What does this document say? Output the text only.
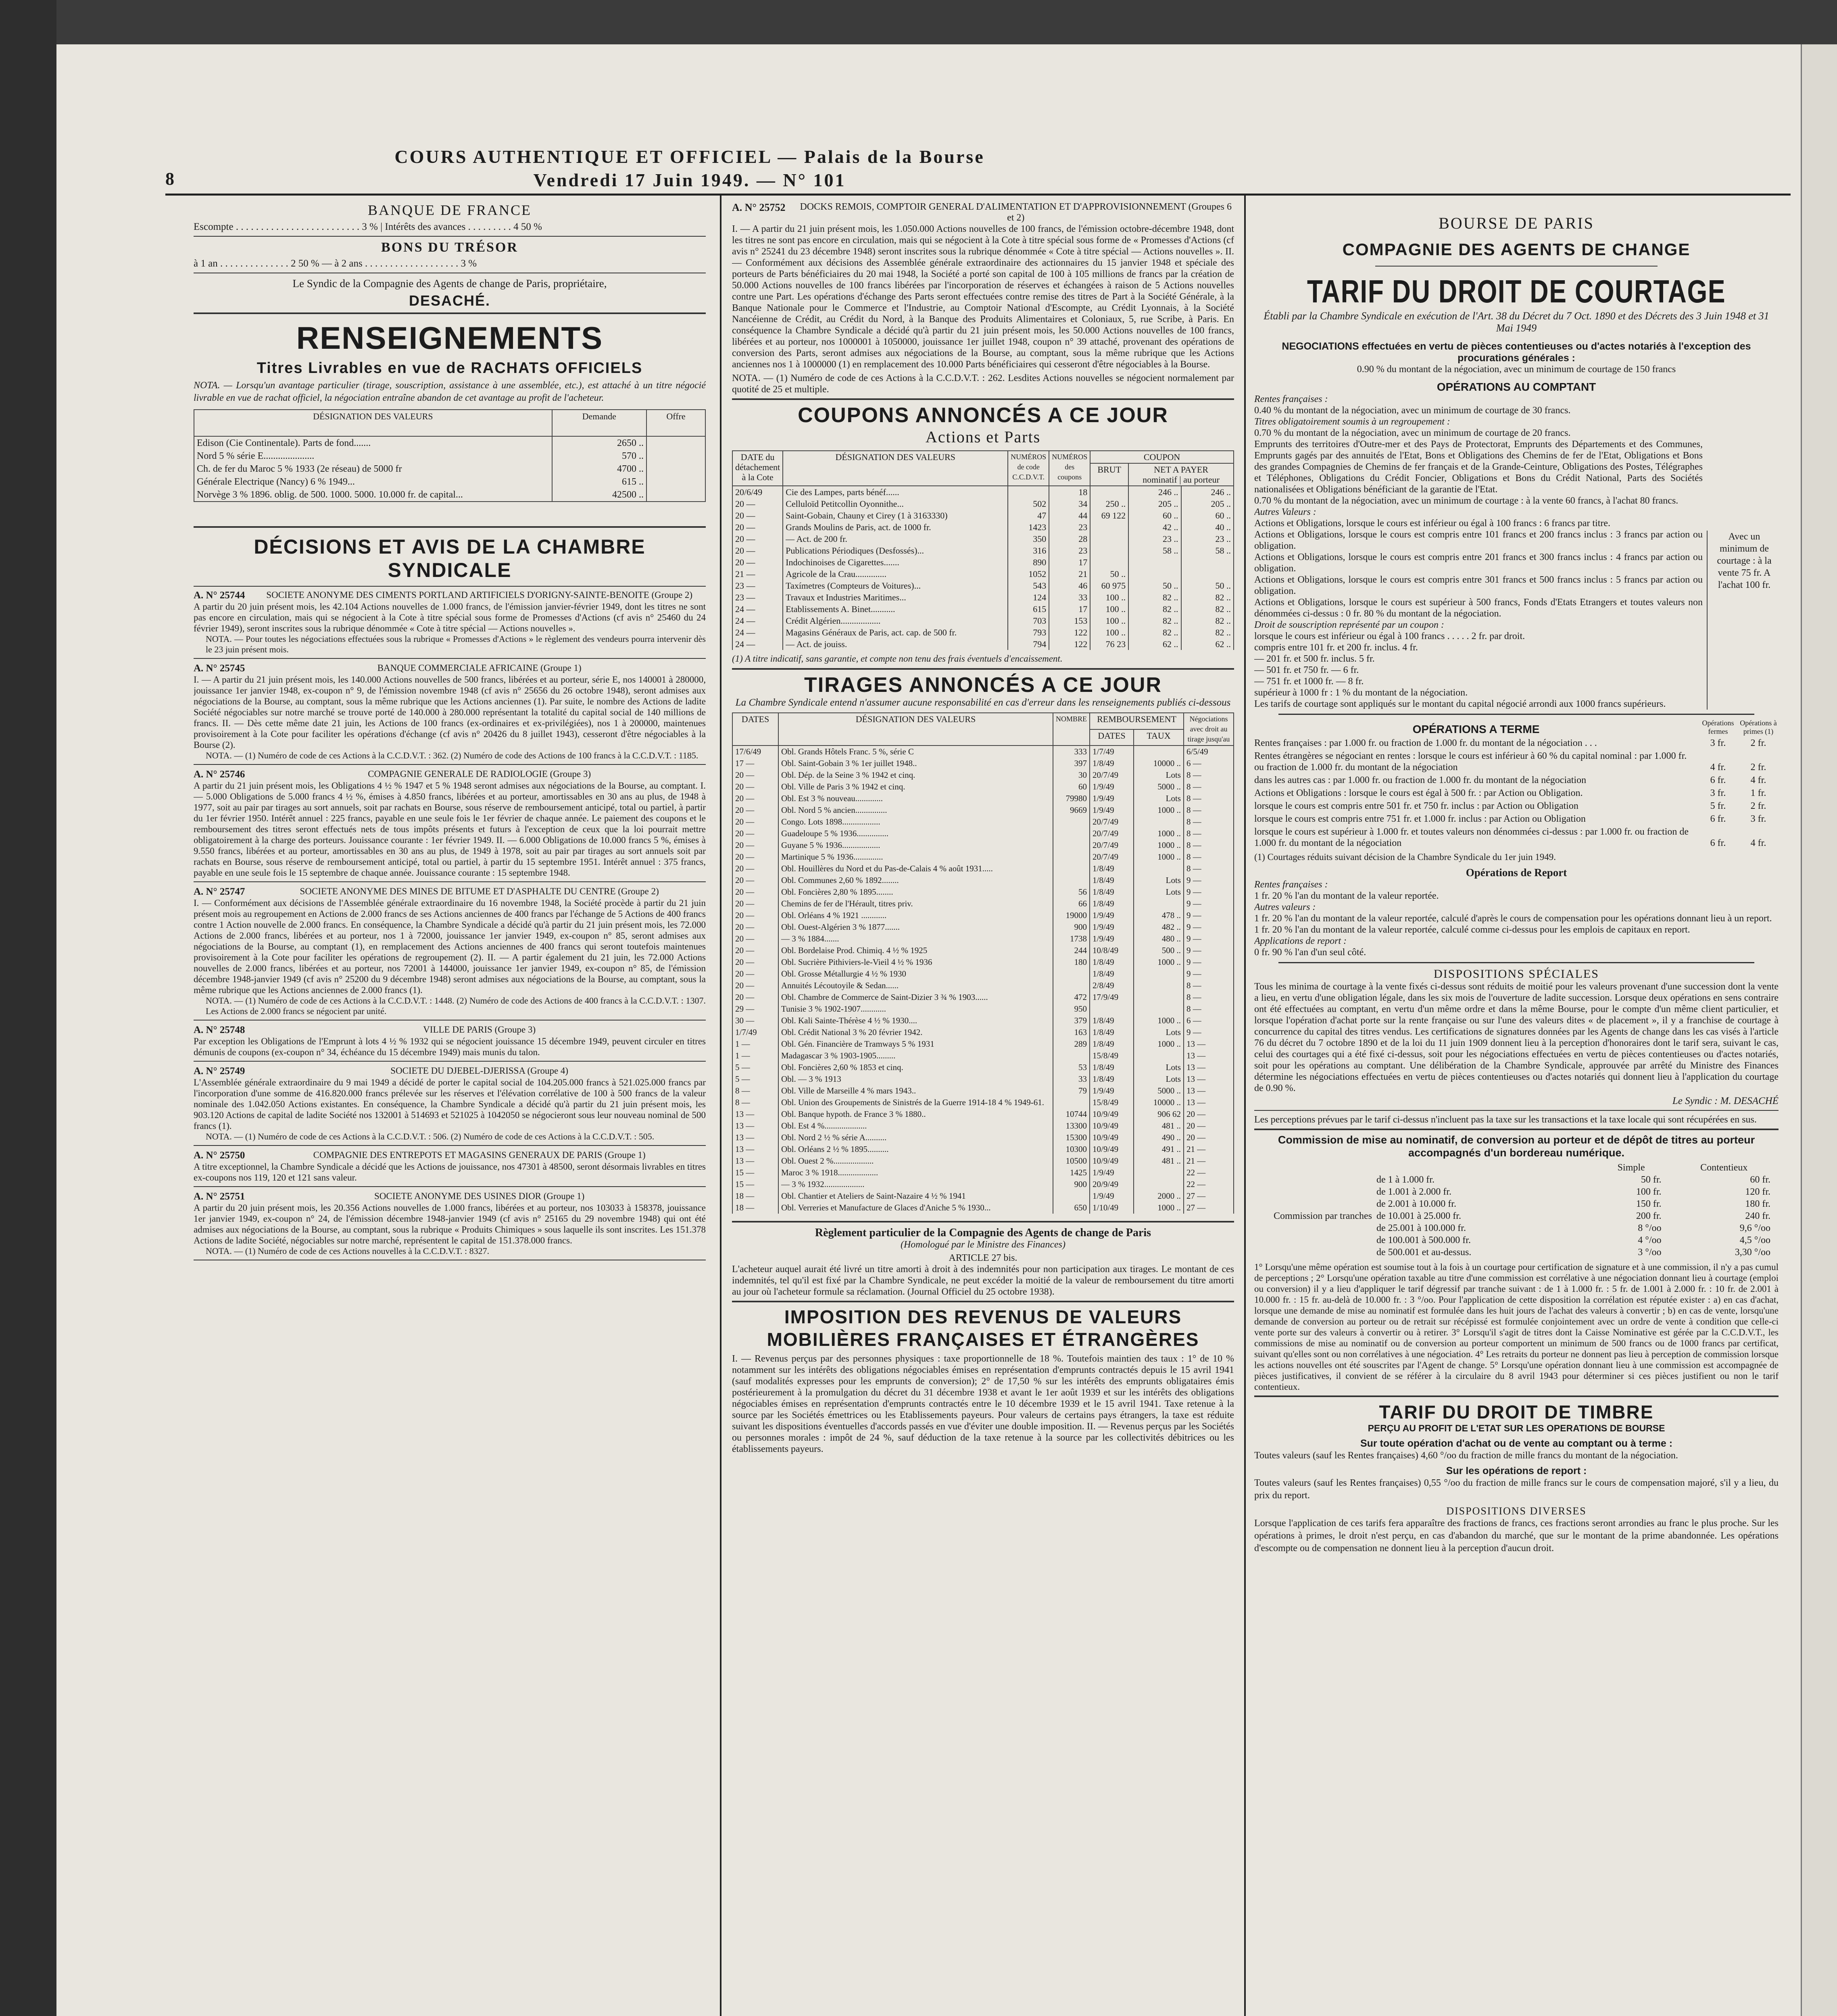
8
COURS AUTHENTIQUE ET OFFICIEL — Palais de la Bourse
Vendredi 17 Juin 1949. — N° 101
BANQUE DE FRANCE
Escompte . . . . . . . . . . . . . . . . . . . . . . . . . 3 % | Intérêts des avances . . . . . . . . . 4 50 %
BONS DU TRÉSOR
à 1 an . . . . . . . . . . . . . . 2 50 % — à 2 ans . . . . . . . . . . . . . . . . . . . 3 %
Le Syndic de la Compagnie des Agents de change de Paris, propriétaire,
DESACHÉ.
RENSEIGNEMENTS
Titres Livrables en vue de RACHATS OFFICIELS
NOTA. — Lorsqu'un avantage particulier (tirage, souscription, assistance à une assemblée, etc.), est attaché à un titre négocié livrable en vue de rachat officiel, la négociation entraîne abandon de cet avantage au profit de l'acheteur.
DÉSIGNATION DES VALEURS	Demande	Offre
Edison (Cie Continentale). Parts de fond.......	2650 ..	
Nord 5 % série E.....................	570 ..	
Ch. de fer du Maroc 5 % 1933 (2e réseau) de 5000 fr	4700 ..	
Générale Electrique (Nancy) 6 % 1949...	615 ..	
Norvège 3 % 1896. oblig. de 500. 1000. 5000. 10.000 fr. de capital...	42500 ..	
DÉCISIONS ET AVIS DE LA CHAMBRE SYNDICALE
A. N° 25744	SOCIETE ANONYME DES CIMENTS PORTLAND ARTIFICIELS D'ORIGNY-SAINTE-BENOITE (Groupe 2)
A partir du 20 juin présent mois, les 42.104 Actions nouvelles de 1.000 francs, de l'émission janvier-février 1949, dont les titres ne sont pas encore en circulation, mais qui se négocient à la Cote à titre spécial sous forme de Promesses d'Actions (cf avis n° 25460 du 24 février 1949), seront inscrites sous la rubrique dénommée « Cote à titre spécial — Actions nouvelles ».
NOTA. — Pour toutes les négociations effectuées sous la rubrique « Promesses d'Actions » le règlement des vendeurs pourra intervenir dès le 23 juin présent mois.
A. N° 25745	BANQUE COMMERCIALE AFRICAINE (Groupe 1)
I. — A partir du 21 juin présent mois, les 140.000 Actions nouvelles de 500 francs, libérées et au porteur, série E, nos 140001 à 280000, jouissance 1er janvier 1948, ex-coupon n° 9, de l'émission novembre 1948 (cf avis n° 25656 du 26 octobre 1948), seront admises aux négociations de la Bourse, au comptant, sous la même rubrique que les Actions anciennes (1). Par suite, le nombre des Actions de ladite Société négociables sur notre marché se trouve porté de 140.000 à 280.000 représentant la totalité du capital social de 140 millions de francs. II. — Dès cette même date 21 juin, les Actions de 100 francs (ex-ordinaires et ex-privilégiées), nos 1 à 200000, maintenues provisoirement à la Cote pour faciliter les opérations d'échange (cf avis n° 20426 du 8 juillet 1943), cesseront d'être négociables à la Bourse (2).
NOTA. — (1) Numéro de code de ces Actions à la C.C.D.V.T. : 362. (2) Numéro de code des Actions de 100 francs à la C.C.D.V.T. : 1185.
A. N° 25746	COMPAGNIE GENERALE DE RADIOLOGIE (Groupe 3)
A partir du 21 juin présent mois, les Obligations 4 ½ % 1947 et 5 % 1948 seront admises aux négociations de la Bourse, au comptant. I. — 5.000 Obligations de 5.000 francs 4 ½ %, émises à 4.850 francs, libérées et au porteur, amortissables en 30 ans au plus, de 1948 à 1977, soit au pair par tirages au sort annuels, soit par rachats en Bourse, sous réserve de remboursement anticipé, total ou partiel, à partir du 1er février 1950. Intérêt annuel : 225 francs, payable en une seule fois le 1er février de chaque année. Le paiement des coupons et le remboursement des titres seront effectués nets de tous impôts présents et futurs à l'exception de ceux que la loi pourrait mettre obligatoirement à la charge des porteurs. Jouissance courante : 1er février 1949. II. — 6.000 Obligations de 10.000 francs 5 %, émises à 9.550 francs, libérées et au porteur, amortissables en 30 ans au plus, de 1949 à 1978, soit au pair par tirages au sort annuels soit par rachats en Bourse, sous réserve de remboursement anticipé, total ou partiel, à partir du 15 septembre 1951. Intérêt annuel : 375 francs, payable en une seule fois le 15 septembre de chaque année. Jouissance courante : 15 septembre 1948.
A. N° 25747	SOCIETE ANONYME DES MINES DE BITUME ET D'ASPHALTE DU CENTRE (Groupe 2)
I. — Conformément aux décisions de l'Assemblée générale extraordinaire du 16 novembre 1948, la Société procède à partir du 21 juin présent mois au regroupement en Actions de 2.000 francs de ses Actions anciennes de 400 francs par l'échange de 5 Actions de 400 francs contre 1 Action nouvelle de 2.000 francs. En conséquence, la Chambre Syndicale a décidé qu'à partir du 21 juin présent mois, les 72.000 Actions de 2.000 francs, libérées et au porteur, nos 1 à 72000, jouissance 1er janvier 1949, ex-coupon n° 85, seront admises aux négociations de la Bourse, au comptant (1), en remplacement des Actions anciennes de 400 francs qui seront toutefois maintenues provisoirement à la Cote pour faciliter les opérations de regroupement (2). II. — A partir également du 21 juin, les 72.000 Actions nouvelles de 2.000 francs, libérées et au porteur, nos 72001 à 144000, jouissance 1er janvier 1949, ex-coupon n° 85, de l'émission décembre 1948-janvier 1949 (cf avis n° 25200 du 9 décembre 1948) seront admises aux négociations de la Bourse, au comptant, sous la même rubrique que les Actions anciennes de 2.000 francs (1).
NOTA. — (1) Numéro de code de ces Actions à la C.C.D.V.T. : 1448. (2) Numéro de code des Actions de 400 francs à la C.C.D.V.T. : 1307. Les Actions de 2.000 francs se négocient par unité.
A. N° 25748	VILLE DE PARIS (Groupe 3)
Par exception les Obligations de l'Emprunt à lots 4 ½ % 1932 qui se négocient jouissance 15 décembre 1949, peuvent circuler en titres démunis de coupons (ex-coupon n° 34, échéance du 15 décembre 1949) mais munis du talon.
A. N° 25749	SOCIETE DU DJEBEL-DJERISSA (Groupe 4)
L'Assemblée générale extraordinaire du 9 mai 1949 a décidé de porter le capital social de 104.205.000 francs à 521.025.000 francs par l'incorporation d'une somme de 416.820.000 francs prélevée sur les réserves et l'élévation corrélative de 100 à 500 francs de la valeur nominale des 1.042.050 Actions existantes. En conséquence, la Chambre Syndicale a décidé qu'à partir du 21 juin présent mois, les 903.120 Actions de capital de ladite Société nos 132001 à 514693 et 521025 à 1042050 se négocieront sous leur nouveau nominal de 500 francs (1).
NOTA. — (1) Numéro de code de ces Actions à la C.C.D.V.T. : 506. (2) Numéro de code de ces Actions à la C.C.D.V.T. : 505.
A. N° 25750	COMPAGNIE DES ENTREPOTS ET MAGASINS GENERAUX DE PARIS (Groupe 1)
A titre exceptionnel, la Chambre Syndicale a décidé que les Actions de jouissance, nos 47301 à 48500, seront désormais livrables en titres ex-coupons nos 119, 120 et 121 sans valeur.
A. N° 25751	SOCIETE ANONYME DES USINES DIOR (Groupe 1)
A partir du 20 juin présent mois, les 20.356 Actions nouvelles de 1.000 francs, libérées et au porteur, nos 103033 à 158378, jouissance 1er janvier 1949, ex-coupon n° 24, de l'émission décembre 1948-janvier 1949 (cf avis n° 25165 du 29 novembre 1948) qui ont été admises aux négociations de la Bourse, au comptant, sous la rubrique « Produits Chimiques » sous laquelle ils sont inscrites. Les 151.378 Actions de ladite Société, négociables sur notre marché, représentent le capital de 151.378.000 francs.
NOTA. — (1) Numéro de code de ces Actions nouvelles à la C.C.D.V.T. : 8327.
A. N° 25752 DOCKS REMOIS, COMPTOIR GENERAL D'ALIMENTATION ET D'APPROVISIONNEMENT (Groupes 6 et 2)
I. — A partir du 21 juin présent mois, les 1.050.000 Actions nouvelles de 100 francs, de l'émission octobre-décembre 1948, dont les titres ne sont pas encore en circulation, mais qui se négocient à la Cote à titre spécial sous forme de « Promesses d'Actions (cf avis n° 25241 du 23 décembre 1948) seront inscrites sous la rubrique dénommée « Cote à titre spécial — Actions nouvelles ». II. — Conformément aux décisions des Assemblée générale extraordinaire des actionnaires du 15 janvier 1948 et spéciale des porteurs de Parts bénéficiaires du 20 mai 1948, la Société a porté son capital de 100 à 105 millions de francs par la création de 50.000 Actions nouvelles de 100 francs libérées par l'incorporation de réserves et échangées à raison de 5 Actions nouvelles contre une Part. Les opérations d'échange des Parts seront effectuées contre remise des titres de Part à la Société Générale, à la Banque Nationale pour le Commerce et l'Industrie, au Comptoir National d'Escompte, au Crédit Lyonnais, à la Société Nancéienne de Crédit, au Crédit du Nord, à la Banque des Produits Alimentaires et Coloniaux, 5, rue Scribe, à Paris. En conséquence la Chambre Syndicale a décidé qu'à partir du 21 juin présent mois, les 50.000 Actions nouvelles de 100 francs, libérées et au porteur, nos 1000001 à 1050000, jouissance 1er juillet 1948, coupon n° 39 attaché, provenant des opérations de conversion des Parts, seront admises aux négociations de la Bourse, au comptant, sous la même rubrique que les Actions anciennes nos 1 à 1000000 (1) en remplacement des 10.000 Parts bénéficiaires qui cesseront d'être négociables à la Bourse.
NOTA. — (1) Numéro de code de ces Actions à la C.C.D.V.T. : 262. Lesdites Actions nouvelles se négocient normalement par quotité de 25 et multiple.
COUPONS ANNONCÉS A CE JOUR
Actions et Parts
DATE du détachement à la Cote	DÉSIGNATION DES VALEURS	NUMÉROS de code C.C.D.V.T.	NUMÉROS des coupons	COUPON		
				BRUT	NET A PAYER
nominatif | au porteur	
20/6/49	Cie des Lampes, parts bénéf......		18		246 ..	246 ..
20 —	Celluloïd Petitcollin Oyonnithe...	502	34	250 ..	205 ..	205 ..
20 —	Saint-Gobain, Chauny et Cirey (1 à 3163330)	47	44	69 122	60 ..	60 ..
20 —	Grands Moulins de Paris, act. de 1000 fr.	1423	23		42 ..	40 ..
20 —	— Act. de 200 fr.	350	28		23 ..	23 ..
20 —	Publications Périodiques (Desfossés)...	316	23		58 ..	58 ..
20 —	Indochinoises de Cigarettes.......	890	17			
21 —	Agricole de la Crau..............	1052	21	50 ..		
23 —	Taxímetres (Compteurs de Voitures)...	543	46	60 975	50 ..	50 ..
23 —	Travaux et Industries Maritimes...	124	33	100 ..	82 ..	82 ..
24 —	Etablissements A. Binet...........	615	17	100 ..	82 ..	82 ..
24 —	Crédit Algérien..................	703	153	100 ..	82 ..	82 ..
24 —	Magasins Généraux de Paris, act. cap. de 500 fr.	793	122	100 ..	82 ..	82 ..
24 —	— Act. de jouiss.	794	122	76 23	62 ..	62 ..
(1) A titre indicatif, sans garantie, et compte non tenu des frais éventuels d'encaissement.
TIRAGES ANNONCÉS A CE JOUR
La Chambre Syndicale entend n'assumer aucune responsabilité en cas d'erreur dans les renseignements publiés ci-dessous
DATES	DÉSIGNATION DES VALEURS	NOMBRE	REMBOURSEMENT		Négociations avec droit au tirage jusqu'au
			DATES	TAUX	
17/6/49	Obl. Grands Hôtels Franc. 5 %, série C	333	1/7/49		6/5/49
17 —	Obl. Saint-Gobain 3 % 1er juillet 1948..	397	1/8/49	10000 ..	6 —
20 —	Obl. Dép. de la Seine 3 % 1942 et cinq.	30	20/7/49	Lots	8 —
20 —	Obl. Ville de Paris 3 % 1942 et cinq.	60	1/9/49	5000 ..	8 —
20 —	Obl. Est 3 % nouveau.............	79980	1/9/49	Lots	8 —
20 —	Obl. Nord 5 % ancien...............	9669	1/9/49	1000 ..	8 —
20 —	Congo. Lots 1898..................		20/7/49		8 —
20 —	Guadeloupe 5 % 1936...............		20/7/49	1000 ..	8 —
20 —	Guyane 5 % 1936..................		20/7/49	1000 ..	8 —
20 —	Martinique 5 % 1936..............		20/7/49	1000 ..	8 —
20 —	Obl. Houillères du Nord et du Pas-de-Calais 4 % août 1931.....		1/8/49		8 —
20 —	Obl. Communes 2,60 % 1892........		1/8/49	Lots	9 —
20 —	Obl. Foncières 2,80 % 1895........	56	1/8/49	Lots	9 —
20 —	Chemins de fer de l'Hérault, titres priv.	66	1/8/49		9 —
20 —	Obl. Orléans 4 % 1921 ............	19000	1/9/49	478 ..	9 —
20 —	Obl. Ouest-Algérien 3 % 1877.......	900	1/9/49	482 ..	9 —
20 —	— 3 % 1884.......	1738	1/9/49	480 ..	9 —
20 —	Obl. Bordelaise Prod. Chimiq. 4 ½ % 1925	244	10/8/49	500 ..	9 —
20 —	Obl. Sucrière Pithiviers-le-Vieil 4 ½ % 1936	180	1/8/49	1000 ..	9 —
20 —	Obl. Grosse Métallurgie 4 ½ % 1930		1/8/49		9 —
20 —	Annuités Lécoutoyile & Sedan......		2/8/49		8 —
20 —	Obl. Chambre de Commerce de Saint-Dizier 3 ¾ % 1903......	472	17/9/49		8 —
29 —	Tunisie 3 % 1902-1907............	950			8 —
30 —	Obl. Kali Sainte-Thérèse 4 ½ % 1930....	379	1/8/49	1000 ..	6 —
1/7/49	Obl. Crédit National 3 % 20 février 1942.	163	1/8/49	Lots	9 —
1 —	Obl. Gén. Financière de Tramways 5 % 1931	289	1/8/49	1000 ..	13 —
1 —	Madagascar 3 % 1903-1905.........		15/8/49		13 —
5 —	Obl. Foncières 2,60 % 1853 et cinq.	53	1/8/49	Lots	13 —
5 —	Obl. — 3 % 1913	33	1/8/49	Lots	13 —
8 —	Obl. Ville de Marseille 4 % mars 1943..	79	1/9/49	5000 ..	13 —
8 —	Obl. Union des Groupements de Sinistrés de la Guerre 1914-18 4 % 1949-61.		15/8/49	10000 ..	13 —
13 —	Obl. Banque hypoth. de France 3 % 1880..	10744	10/9/49	906 62	20 —
13 —	Obl. Est 4 %....................	13300	10/9/49	481 ..	20 —
13 —	Obl. Nord 2 ½ % série A..........	15300	10/9/49	490 ..	20 —
13 —	Obl. Orléans 2 ½ % 1895..........	10300	10/9/49	491 ..	21 —
13 —	Obl. Ouest 2 %...................	10500	10/9/49	481 ..	21 —
15 —	Maroc 3 % 1918...................	1425	1/9/49		22 —
15 —	— 3 % 1932...................	900	20/9/49		22 —
18 —	Obl. Chantier et Ateliers de Saint-Nazaire 4 ½ % 1941		1/9/49	2000 ..	27 —
18 —	Obl. Verreries et Manufacture de Glaces d'Aniche 5 % 1930...	650	1/10/49	1000 ..	27 —
Règlement particulier de la Compagnie des Agents de change de Paris
(Homologué par le Ministre des Finances)
ARTICLE 27 bis.
L'acheteur auquel aurait été livré un titre amorti à droit à des indemnités pour non participation aux tirages. Le montant de ces indemnités, tel qu'il est fixé par la Chambre Syndicale, ne peut excéder la moitié de la valeur de remboursement du titre amorti au jour où l'acheteur formule sa réclamation. (Journal Officiel du 25 octobre 1938).
IMPOSITION DES REVENUS DE VALEURS MOBILIÈRES FRANÇAISES ET ÉTRANGÈRES
I. — Revenus perçus par des personnes physiques : taxe proportionnelle de 18 %. Toutefois maintien des taux : 1° de 10 % notamment sur les intérêts des obligations négociables émises en représentation d'emprunts contractés depuis le 15 avril 1941 (sauf modalités expresses pour les emprunts de conversion); 2° de 17,50 % sur les intérêts des emprunts obligataires émis postérieurement à la promulgation du décret du 31 décembre 1938 et avant le 1er août 1939 et sur les intérêts des obligations négociables émises en représentation d'emprunts contractés entre le 10 décembre 1939 et le 15 avril 1941. Taxe retenue à la source par les Sociétés émettrices ou les Etablissements payeurs. Pour valeurs de certains pays étrangers, la taxe est réduite suivant les dispositions éventuelles d'accords passés en vue d'éviter une double imposition. II. — Revenus perçus par les Sociétés ou personnes morales : impôt de 24 %, sauf déduction de la taxe retenue à la source par les collectivités débitrices ou les établissements payeurs.
BOURSE DE PARIS
COMPAGNIE DES AGENTS DE CHANGE
TARIF DU DROIT DE COURTAGE
Établi par la Chambre Syndicale en exécution de l'Art. 38 du Décret du 7 Oct. 1890 et des Décrets des 3 Juin 1948 et 31 Mai 1949
NEGOCIATIONS effectuées en vertu de pièces contentieuses ou d'actes notariés à l'exception des procurations générales :
0.90 % du montant de la négociation, avec un minimum de courtage de 150 francs
OPÉRATIONS AU COMPTANT
Rentes françaises :
0.40 % du montant de la négociation, avec un minimum de courtage de 30 francs.
Titres obligatoirement soumis à un regroupement :
0.70 % du montant de la négociation, avec un minimum de courtage de 20 francs.
Emprunts des territoires d'Outre-mer et des Pays de Protectorat, Emprunts des Départements et des Communes, Emprunts gagés par des annuités de l'Etat, Bons et Obligations des Chemins de fer de l'Etat, Obligations et Bons des grandes Compagnies de Chemins de fer français et de la Grande-Ceinture, Obligations des Postes, Télégraphes et Téléphones, Obligations du Crédit Foncier, Obligations et Bons du Crédit National, Parts des Sociétés nationalisées et Obligations bénéficiant de la garantie de l'Etat.
0.70 % du montant de la négociation, avec un minimum de courtage : à la vente 60 francs, à l'achat 80 francs.
Autres Valeurs :
Actions et Obligations, lorsque le cours est inférieur ou égal à 100 francs : 6 francs par titre.
Actions et Obligations, lorsque le cours est compris entre 101 francs et 200 francs inclus : 3 francs par action ou obligation.
Actions et Obligations, lorsque le cours est compris entre 201 francs et 300 francs inclus : 4 francs par action ou obligation.
Actions et Obligations, lorsque le cours est compris entre 301 francs et 500 francs inclus : 5 francs par action ou obligation.
Actions et Obligations, lorsque le cours est supérieur à 500 francs, Fonds d'Etats Etrangers et toutes valeurs non dénommées ci-dessus : 0 fr. 80 % du montant de la négociation.
Droit de souscription représenté par un coupon :
lorsque le cours est inférieur ou égal à 100 francs . . . . . 2 fr. par droit.
compris entre 101 fr. et 200 fr. inclus. 4 fr.
— 201 fr. et 500 fr. inclus. 5 fr.
— 501 fr. et 750 fr. — 6 fr.
— 751 fr. et 1000 fr. — 8 fr.
supérieur à 1000 fr : 1 % du montant de la négociation.
Les tarifs de courtage sont appliqués sur le montant du capital négocié arrondi aux 1000 francs supérieurs.
Avec un minimum de courtage : à la vente 75 fr. A l'achat 100 fr.
OPÉRATIONS A TERME	Opérations fermes
Opérations à primes (1)
Rentes françaises : par 1.000 fr. ou fraction de 1.000 fr. du montant de la négociation . . .	3 fr.	2 fr.
Rentes étrangères se négociant en rentes : lorsque le cours est inférieur à 60 % du capital nominal : par 1.000 fr. ou fraction de 1.000 fr. du montant de la négociation	4 fr.	2 fr.
dans les autres cas : par 1.000 fr. ou fraction de 1.000 fr. du montant de la négociation	6 fr.	4 fr.
Actions et Obligations : lorsque le cours est égal à 500 fr. : par Action ou Obligation.	3 fr.	1 fr.
lorsque le cours est compris entre 501 fr. et 750 fr. inclus : par Action ou Obligation	5 fr.	2 fr.
lorsque le cours est compris entre 751 fr. et 1.000 fr. inclus : par Action ou Obligation	6 fr.	3 fr.
lorsque le cours est supérieur à 1.000 fr. et toutes valeurs non dénommées ci-dessus : par 1.000 fr. ou fraction de 1.000 fr. du montant de la négociation	6 fr.	4 fr.
(1) Courtages réduits suivant décision de la Chambre Syndicale du 1er juin 1949.
Opérations de Report
Rentes françaises :
1 fr. 20 % l'an du montant de la valeur reportée.
Autres valeurs :
1 fr. 20 % l'an du montant de la valeur reportée, calculé d'après le cours de compensation pour les opérations donnant lieu à un report.
1 fr. 20 % l'an du montant de la valeur reportée, calculé comme ci-dessus pour les emplois de capitaux en report.
Applications de report :
0 fr. 90 % l'an d'un seul côté.
DISPOSITIONS SPÉCIALES
Tous les minima de courtage à la vente fixés ci-dessus sont réduits de moitié pour les valeurs provenant d'une succession dont la vente a lieu, en vertu d'une obligation légale, dans les six mois de l'ouverture de ladite succession. Lorsque deux opérations en sens contraire ont été effectuées au comptant, en vertu d'un même ordre et dans la même Bourse, pour le compte d'un même client particulier, et lorsque l'opération d'achat porte sur la rente française ou sur l'une des valeurs dites « de placement », il y a franchise de courtage à concurrence du capital des titres vendus. Les certifications de signatures données par les Agents de change dans les cas visés à l'article 76 du décret du 7 octobre 1890 et de la loi du 11 juin 1909 donnent lieu à la perception d'honoraires dont le tarif sera, suivant le cas, celui des courtages qui a été fixé ci-dessus, soit pour les négociations effectuées en vertu de pièces contentieuses ou d'actes notariés, soit pour les opérations au comptant. Une délibération de la Chambre Syndicale, approuvée par arrêté du Ministre des Finances détermine les négociations effectuées en vertu de pièces contentieuses ou d'actes notariés qui donnent lieu à l'application du courtage de 0.90 %.
Le Syndic : M. DESACHÉ
Les perceptions prévues par le tarif ci-dessus n'incluent pas la taxe sur les transactions et la taxe locale qui sont récupérées en sus.
Commission de mise au nominatif, de conversion au porteur et de dépôt de titres au porteur accompagnés d'un bordereau numérique.
		Simple	Contentieux
	de 1 à 1.000 fr.	50 fr.	60 fr.
	de 1.001 à 2.000 fr.	100 fr.	120 fr.
	de 2.001 à 10.000 fr.	150 fr.	180 fr.
Commission par tranches	de 10.001 à 25.000 fr.	200 fr.	240 fr.
	de 25.001 à 100.000 fr.	8 °/oo	9,6 °/oo
	de 100.001 à 500.000 fr.	4 °/oo	4,5 °/oo
	de 500.001 et au-dessus.	3 °/oo	3,30 °/oo
1° Lorsqu'une même opération est soumise tout à la fois à un courtage pour certification de signature et à une commission, il n'y a pas cumul de perceptions ; 2° Lorsqu'une opération taxable au titre d'une commission est corrélative à une négociation donnant lieu à courtage (emploi ou conversion) il y a lieu d'appliquer le tarif dégressif par tranche suivant : de 1 à 1.000 fr. : 5 fr. de 1.001 à 2.000 fr. : 10 fr. de 2.001 à 10.000 fr. : 15 fr. au-delà de 10.000 fr. : 3 °/oo. Pour l'application de cette disposition la corrélation est réputée exister : a) en cas d'achat, lorsque une demande de mise au nominatif est formulée dans les huit jours de l'achat des valeurs à convertir ; b) en cas de vente, lorsqu'une demande de conversion au porteur ou de retrait sur récépissé est formulée conjointement avec un ordre de vente à condition que celle-ci vente porte sur des valeurs à convertir ou à retirer. 3° Lorsqu'il s'agit de titres dont la Caisse Nominative est gérée par la C.C.D.V.T., les commissions de mise au nominatif ou de conversion au porteur comportent un minimum de 500 francs ou de 1000 francs par certificat, suivant qu'elles sont ou non corrélatives à une négociation. 4° Les retraits du porteur ne donnent pas lieu à perception de commission lorsque les actions nouvelles ont été souscrites par l'Agent de change. 5° Lorsqu'une opération donnant lieu à une commission est accompagnée de pièces justificatives, il convient de se référer à la circulaire du 8 avril 1943 pour déterminer si ces pièces justifient ou non le tarif contentieux.
TARIF DU DROIT DE TIMBRE
PERÇU AU PROFIT DE L'ETAT SUR LES OPERATIONS DE BOURSE
Sur toute opération d'achat ou de vente au comptant ou à terme :
Toutes valeurs (sauf les Rentes françaises) 4,60 °/oo du fraction de mille francs du montant de la négociation.
Sur les opérations de report :
Toutes valeurs (sauf les Rentes françaises) 0,55 °/oo du fraction de mille francs sur le cours de compensation majoré, s'il y a lieu, du prix du report.
DISPOSITIONS DIVERSES
Lorsque l'application de ces tarifs fera apparaître des fractions de francs, ces fractions seront arrondies au franc le plus proche. Sur les opérations à primes, le droit n'est perçu, en cas d'abandon du marché, que sur le montant de la prime abandonnée. Les opérations d'escompte ou de compensation ne donnent lieu à la perception d'aucun droit.
